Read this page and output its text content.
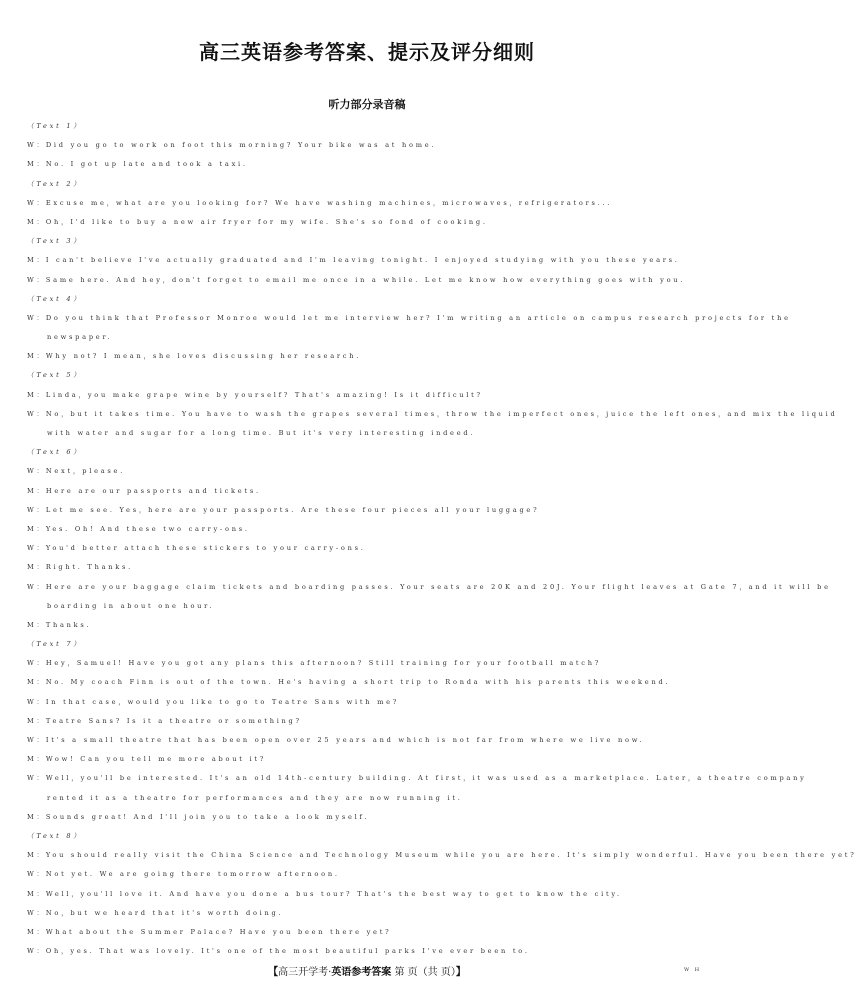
高三英语参考答案、提示及评分细则
听力部分录音稿
（Text 1）
W：Did you go to work on foot this morning? Your bike was at home.
M：No. I got up late and took a taxi.
（Text 2）
W：Excuse me，what are you looking for? We have washing machines，microwaves，refrigerators...
M：Oh，I'd like to buy a new air fryer for my wife. She's so fond of cooking.
（Text 3）
M：I can't believe I've actually graduated and I'm leaving tonight. I enjoyed studying with you these years.
W：Same here. And hey，don't forget to email me once in a while. Let me know how everything goes with you.
（Text 4）
W：Do you think that Professor Monroe would let me interview her? I'm writing an article on campus research projects for the
newspaper.
M：Why not? I mean，she loves discussing her research.
（Text 5）
M：Linda，you make grape wine by yourself? That's amazing! Is it difficult?
W：No，but it takes time. You have to wash the grapes several times，throw the imperfect ones，juice the left ones，and mix the liquid
with water and sugar for a long time. But it's very interesting indeed.
（Text 6）
W：Next，please.
M：Here are our passports and tickets.
W：Let me see. Yes，here are your passports. Are these four pieces all your luggage?
M：Yes. Oh! And these two carry-ons.
W：You'd better attach these stickers to your carry-ons.
M：Right. Thanks.
W：Here are your baggage claim tickets and boarding passes. Your seats are 20K and 20J. Your flight leaves at Gate 7，and it will be
boarding in about one hour.
M：Thanks.
（Text 7）
W：Hey，Samuel! Have you got any plans this afternoon? Still training for your football match?
M：No. My coach Finn is out of the town. He's having a short trip to Ronda with his parents this weekend.
W：In that case，would you like to go to Teatre Sans with me?
M：Teatre Sans? Is it a theatre or something?
W：It's a small theatre that has been open over 25 years and which is not far from where we live now.
M：Wow! Can you tell me more about it?
W：Well，you'll be interested. It's an old 14th-century building. At first，it was used as a marketplace. Later，a theatre company
rented it as a theatre for performances and they are now running it.
M：Sounds great! And I'll join you to take a look myself.
（Text 8）
M：You should really visit the China Science and Technology Museum while you are here. It's simply wonderful. Have you been there yet?
W：Not yet. We are going there tomorrow afternoon.
M：Well，you'll love it. And have you done a bus tour? That's the best way to get to know the city.
W：No，but we heard that it's worth doing.
M：What about the Summer Palace? Have you been there yet?
W：Oh，yes. That was lovely. It's one of the most beautiful parks I've ever been to.
【高三开学考·英语参考答案 第 页（共 页）】	W H
